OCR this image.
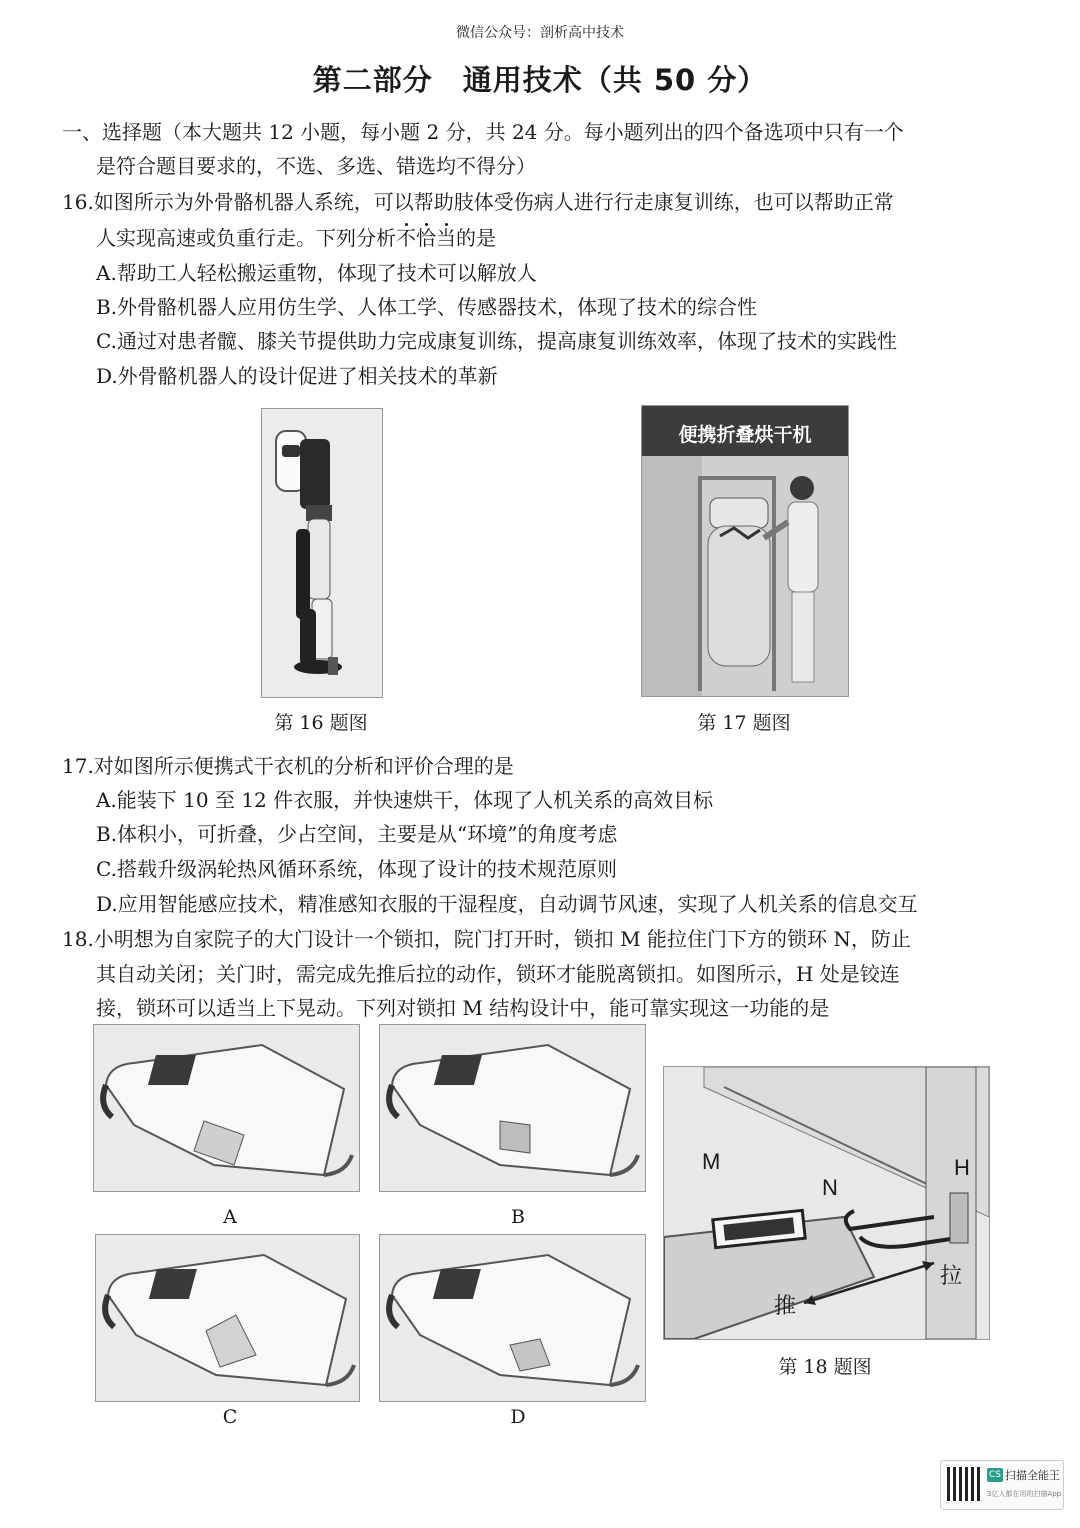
微信公众号：剖析高中技术
第二部分　通用技术（共 50 分）
一、选择题（本大题共 12 小题，每小题 2 分，共 24 分。每小题列出的四个备选项中只有一个
是符合题目要求的，不选、多选、错选均不得分）
16.如图所示为外骨骼机器人系统，可以帮助肢体受伤病人进行行走康复训练，也可以帮助正常
人实现高速或负重行走。下列分析不恰当的是
A.帮助工人轻松搬运重物，体现了技术可以解放人
B.外骨骼机器人应用仿生学、人体工学、传感器技术，体现了技术的综合性
C.通过对患者髋、膝关节提供助力完成康复训练，提高康复训练效率，体现了技术的实践性
D.外骨骼机器人的设计促进了相关技术的革新
第 16 题图
便携折叠烘干机
第 17 题图
17.对如图所示便携式干衣机的分析和评价合理的是
A.能装下 10 至 12 件衣服，并快速烘干，体现了人机关系的高效目标
B.体积小，可折叠，少占空间，主要是从“环境”的角度考虑
C.搭载升级涡轮热风循环系统，体现了设计的技术规范原则
D.应用智能感应技术，精准感知衣服的干湿程度，自动调节风速，实现了人机关系的信息交互
18.小明想为自家院子的大门设计一个锁扣，院门打开时，锁扣 M 能拉住门下方的锁环 N，防止
其自动关闭；关门时，需完成先推后拉的动作，锁环才能脱离锁扣。如图所示，H 处是铰连
接，锁环可以适当上下晃动。下列对锁扣 M 结构设计中，能可靠实现这一功能的是
A	B
C	D
M
N
H
拉
推
第 18 题图
CS 扫描全能王
3亿人都在用的扫描App
